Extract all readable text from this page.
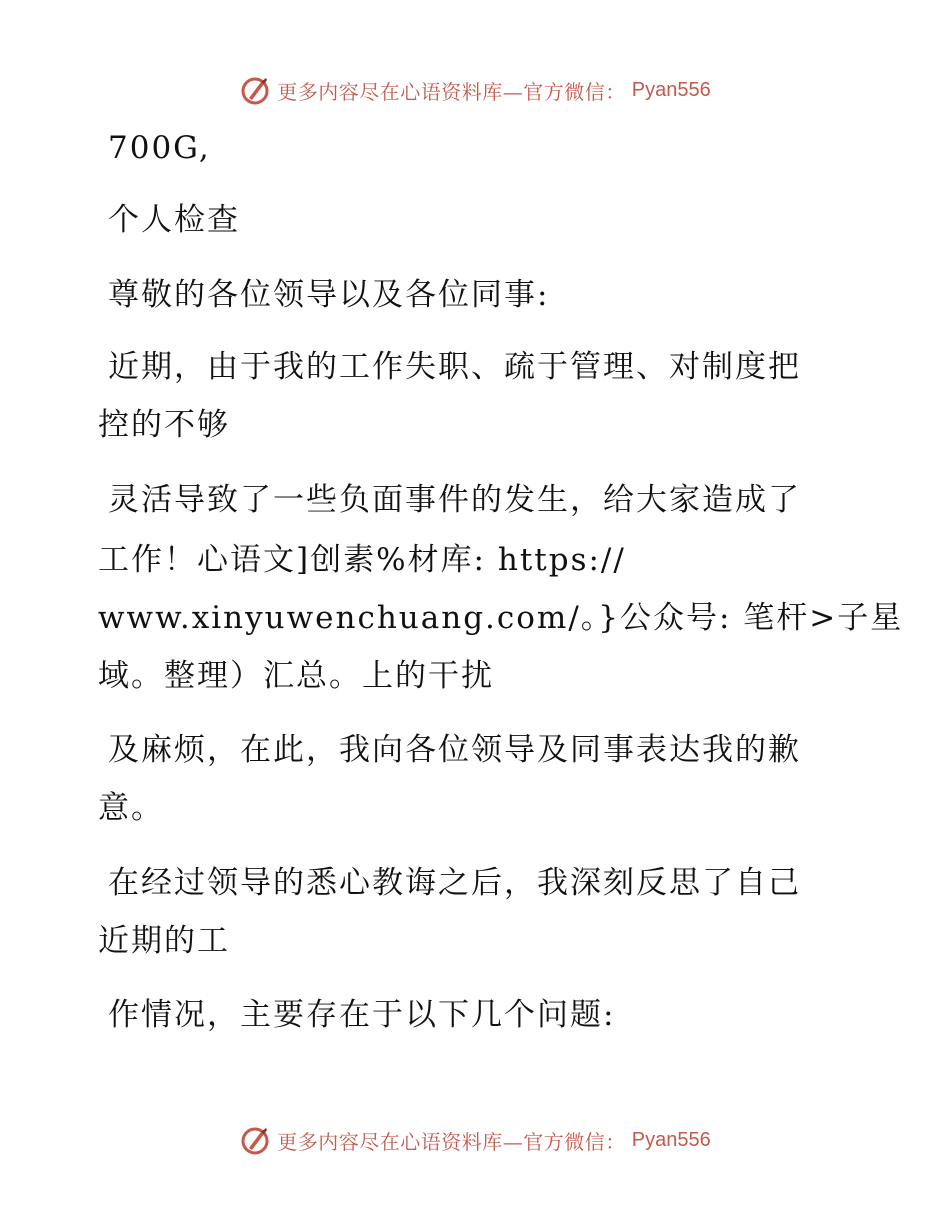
更多内容尽在心语资料库—官方微信： Pyan556
700G,
个人检查
尊敬的各位领导以及各位同事:
近期，由于我的工作失职、疏于管理、对制度把
控的不够
灵活导致了一些负面事件的发生，给大家造成了
工作！心语文]创素%材库: https://
www.xinyuwenchuang.com/。}公众号: 笔杆>子星
域。整理）汇总。上的干扰
及麻烦，在此，我向各位领导及同事表达我的歉
意。
在经过领导的悉心教诲之后，我深刻反思了自己
近期的工
作情况，主要存在于以下几个问题:
更多内容尽在心语资料库—官方微信： Pyan556
